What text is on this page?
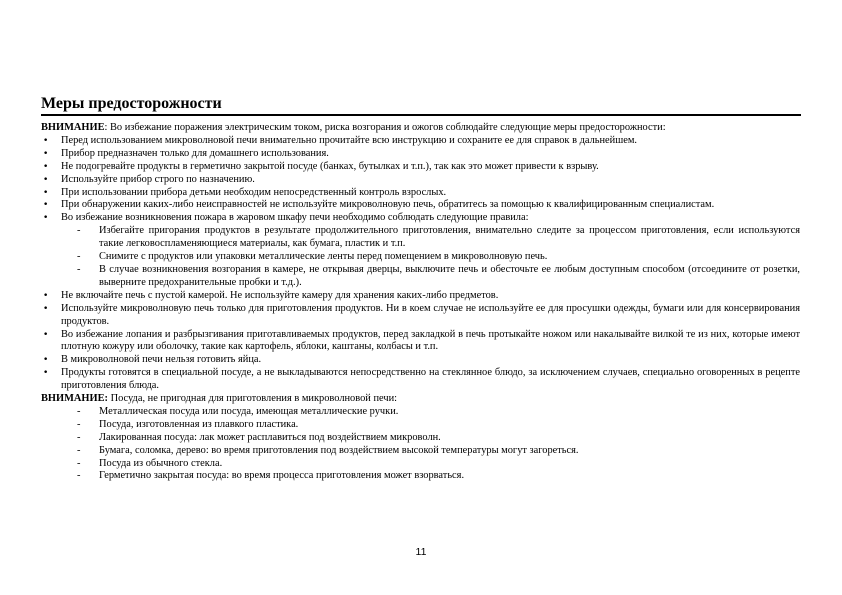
Меры предосторожности

ВНИМАНИЕ: Во избежание поражения электрическим током, риска возгорания и ожогов соблюдайте следующие меры предосторожности:

• Перед использованием микроволновой печи внимательно прочитайте всю инструкцию и сохраните ее для справок в дальнейшем.
• Прибор предназначен только для домашнего использования.
• Не подогревайте продукты в герметично закрытой посуде (банках, бутылках и т.п.), так как это может привести к взрыву.
• Используйте прибор строго по назначению.
• При использовании прибора детьми необходим непосредственный контроль взрослых.
• При обнаружении каких-либо неисправностей не используйте микроволновую печь, обратитесь за помощью к квалифицированным специалистам.
• Во избежание возникновения пожара в жаровом шкафу печи необходимо соблюдать следующие правила:
- Избегайте пригорания продуктов в результате продолжительного приготовления, внимательно следите за процессом приготовления, если используются такие легковоспламеняющиеся материалы, как бумага, пластик и т.п.
- Снимите с продуктов или упаковки металлические ленты перед помещением в микроволновую печь.
- В случае возникновения возгорания в камере, не открывая дверцы, выключите печь и обесточьте ее любым доступным способом (отсоедините от розетки, выверните предохранительные пробки и т.д.).
• Не включайте печь с пустой камерой. Не используйте камеру для хранения каких-либо предметов.
• Используйте микроволновую печь только для приготовления продуктов. Ни в коем случае не используйте ее для просушки одежды, бумаги или для консервирования продуктов.
• Во избежание лопания и разбрызгивания приготавливаемых продуктов, перед закладкой в печь протыкайте ножом или накалывайте вилкой те из них, которые имеют плотную кожуру или оболочку, такие как картофель, яблоки, каштаны, колбасы и т.п.
• В микроволновой печи нельзя готовить яйца.
• Продукты готовятся в специальной посуде, а не выкладываются непосредственно на стеклянное блюдо, за исключением случаев, специально оговоренных в рецепте приготовления блюда.

ВНИМАНИЕ: Посуда, не пригодная для приготовления в микроволновой печи:

- Металлическая посуда или посуда, имеющая металлические ручки.
- Посуда, изготовленная из плавкого пластика.
- Лакированная посуда: лак может расплавиться под воздействием микроволн.
- Бумага, соломка, дерево: во время приготовления под воздействием высокой температуры могут загореться.
- Посуда из обычного стекла.
- Герметично закрытая посуда: во время процесса приготовления может взорваться.
11
